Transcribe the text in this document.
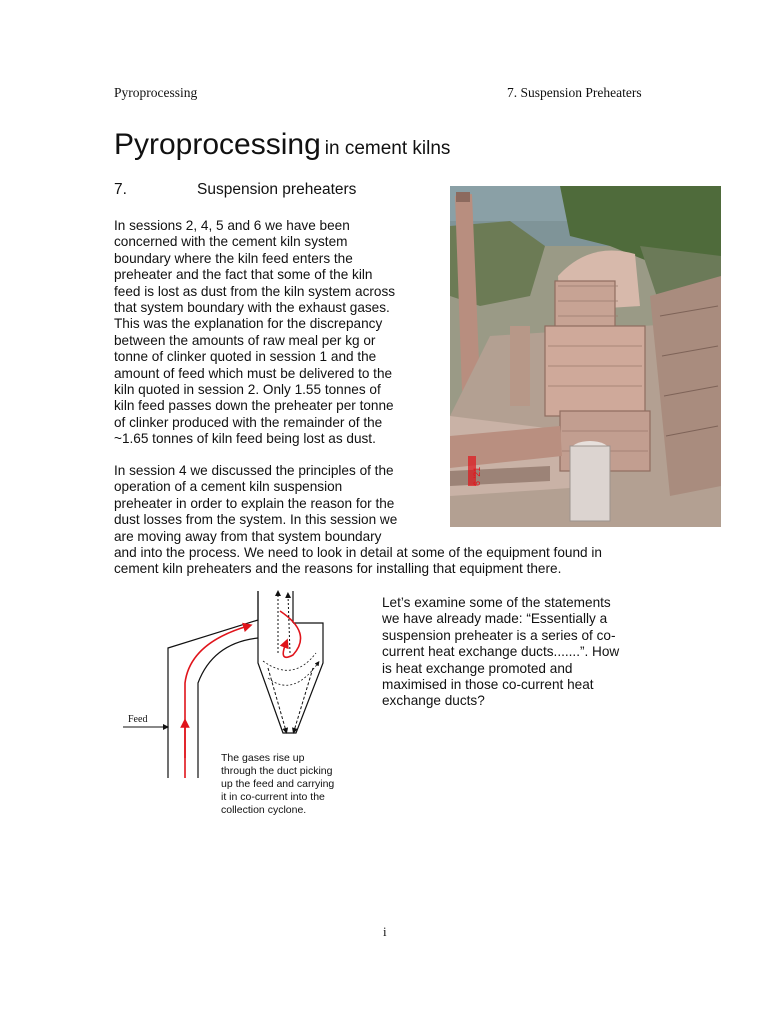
Pyroprocessing	7. Suspension Preheaters
Pyroprocessing in cement kilns
7.	Suspension preheaters
In sessions 2, 4, 5 and 6 we have been
concerned with the cement kiln system
boundary where the kiln feed enters the
preheater and the fact that some of the kiln
feed is lost as dust from the kiln system across
that system boundary with the exhaust gases.
This was the explanation for the discrepancy
between the amounts of raw meal per kg or
tonne of clinker quoted in session 1 and the
amount of feed which must be delivered to the
kiln quoted in session 2. Only 1.55 tonnes of
kiln feed passes down the preheater per tonne
of clinker produced with the remainder of the
~1.65 tonnes of kiln feed being lost as dust.
In session 4 we discussed the principles of the
operation of a cement kiln suspension
preheater in order to explain the reason for the
dust losses from the system. In this session we
are moving away from that system boundary
and into the process. We need to look in detail at some of the equipment found in
cement kiln preheaters and the reasons for installing that equipment there.
6 '21
Feed
The gases rise up
through the duct picking
up the feed and carrying
it in co-current into the
collection cyclone.
Let’s examine some of the statements
we have already made: “Essentially a
suspension preheater is a series of co-
current heat exchange ducts.......”. How
is heat exchange promoted and
maximised in those co-current heat
exchange ducts?
i
